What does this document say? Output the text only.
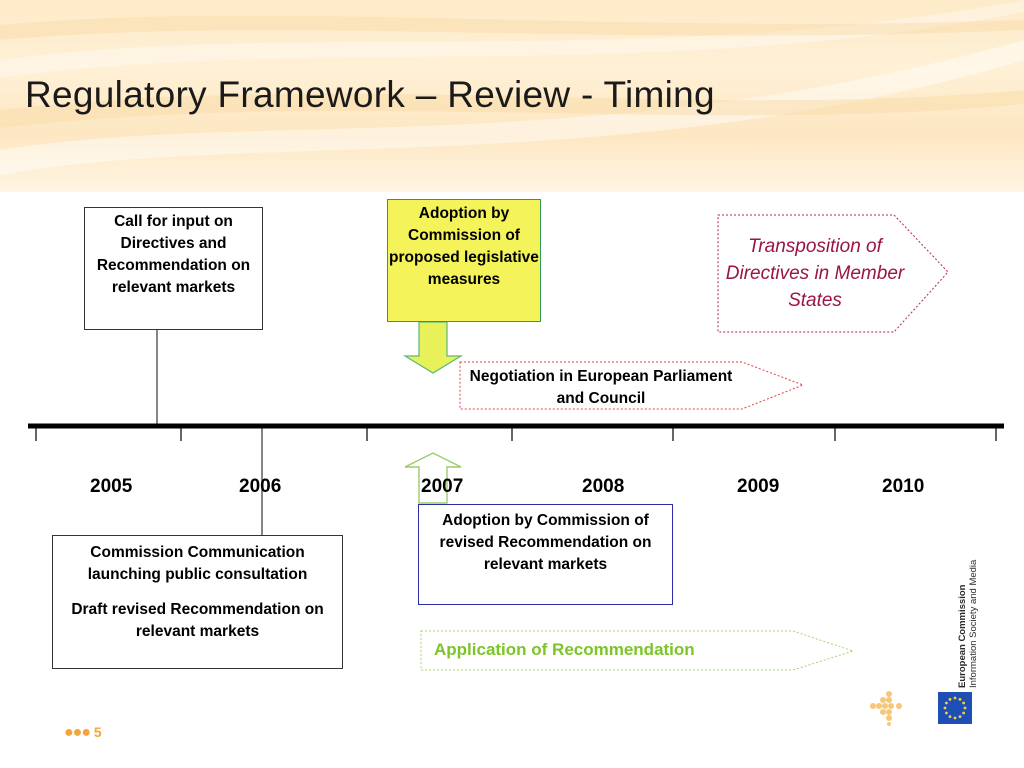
Regulatory Framework – Review - Timing

Call for input on Directives and Recommendation on relevant markets

Adoption by Commission of proposed legislative measures

Commission Communication launching public consultation

Draft revised Recommendation on relevant markets

Adoption by Commission of revised Recommendation on relevant markets

Transposition of Directives in Member States
Negotiation in European Parliament and Council
Application of Recommendation
2005	2006	2007	2008	2009	2010
European Commission Information Society and Media
●●● 5
